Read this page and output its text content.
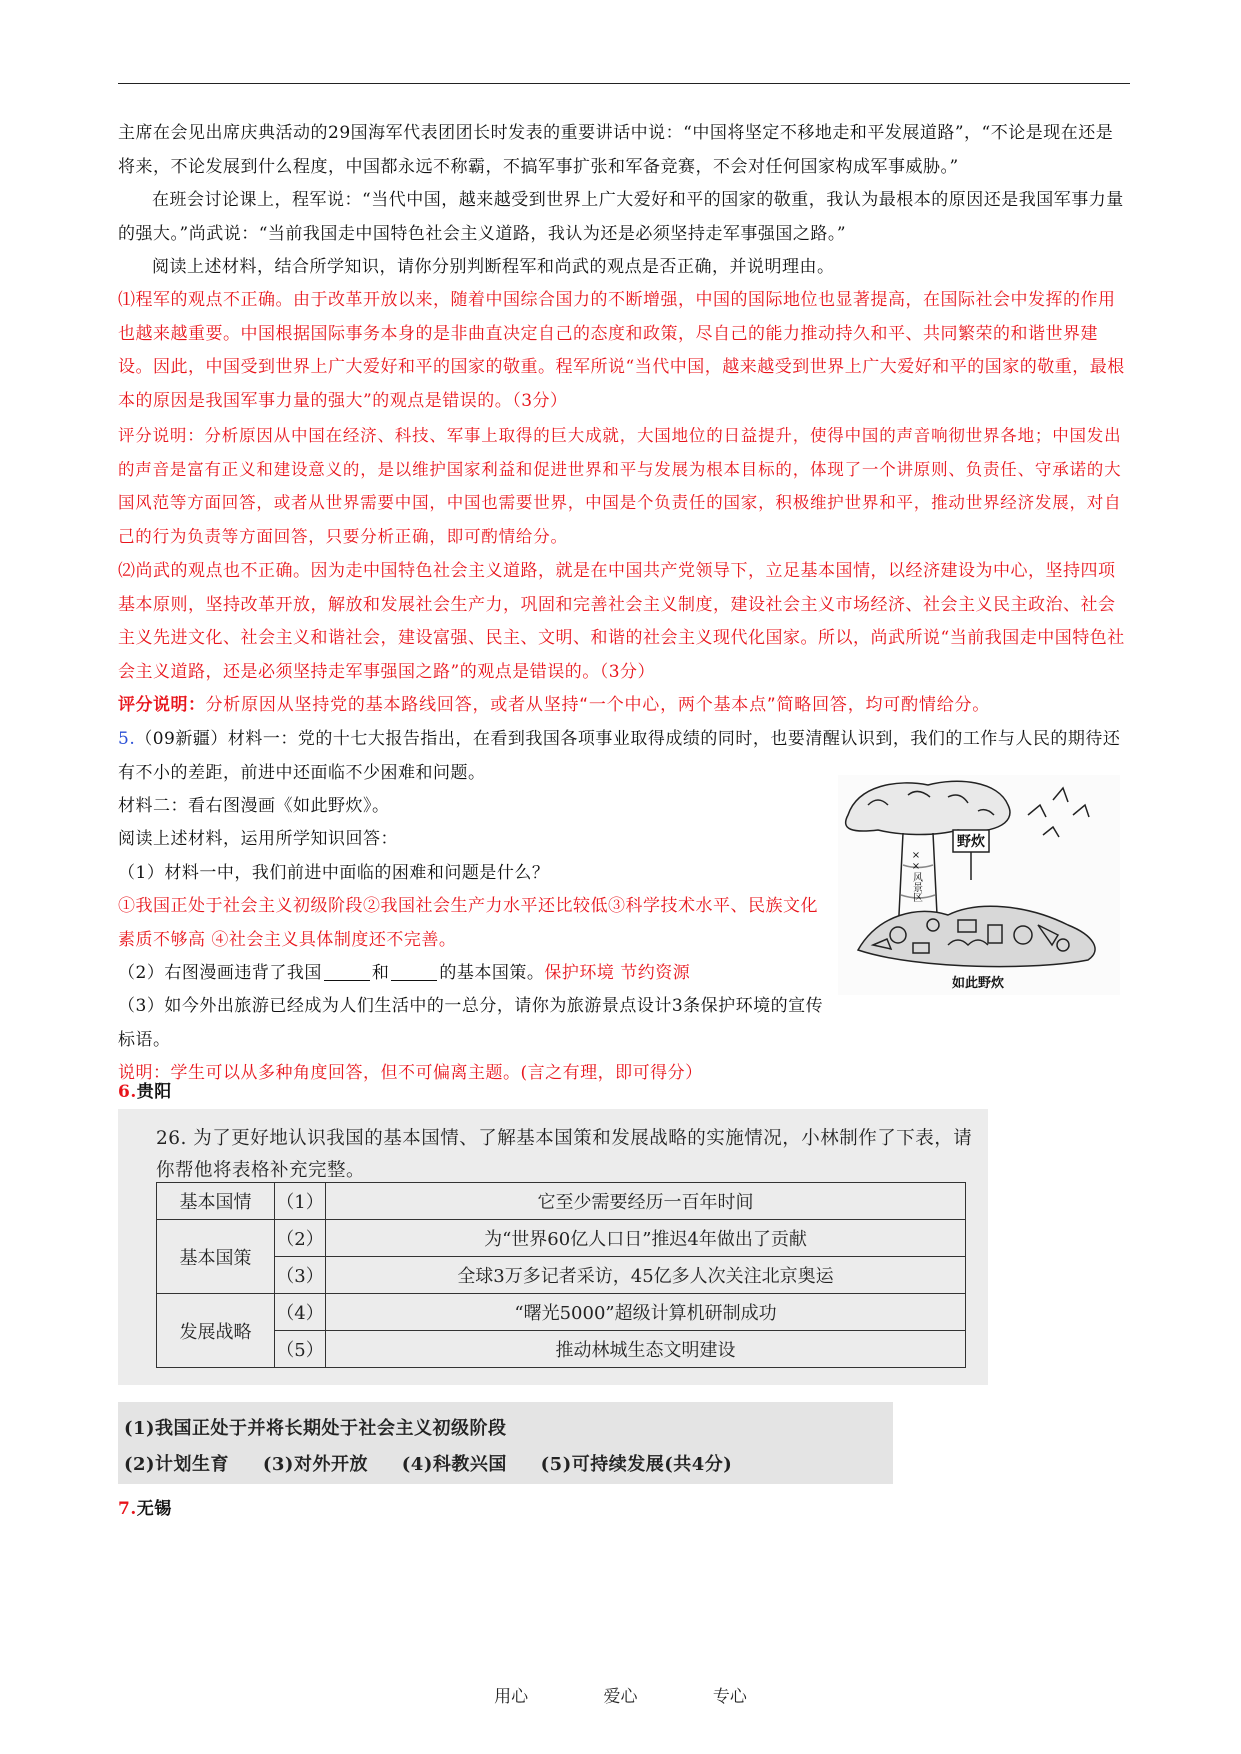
主席在会见出席庆典活动的29国海军代表团团长时发表的重要讲话中说：“中国将坚定不移地走和平发展道路”，“不论是现在还是将来，不论发展到什么程度，中国都永远不称霸，不搞军事扩张和军备竞赛，不会对任何国家构成军事威胁。”

在班会讨论课上，程军说：“当代中国，越来越受到世界上广大爱好和平的国家的敬重，我认为最根本的原因还是我国军事力量的强大。”尚武说：“当前我国走中国特色社会主义道路，我认为还是必须坚持走军事强国之路。”

阅读上述材料，结合所学知识，请你分别判断程军和尚武的观点是否正确，并说明理由。

⑴程军的观点不正确。由于改革开放以来，随着中国综合国力的不断增强，中国的国际地位也显著提高，在国际社会中发挥的作用也越来越重要。中国根据国际事务本身的是非曲直决定自己的态度和政策，尽自己的能力推动持久和平、共同繁荣的和谐世界建设。因此，中国受到世界上广大爱好和平的国家的敬重。程军所说“当代中国，越来越受到世界上广大爱好和平的国家的敬重，最根本的原因是我国军事力量的强大”的观点是错误的。（3分）

评分说明：分析原因从中国在经济、科技、军事上取得的巨大成就，大国地位的日益提升，使得中国的声音响彻世界各地；中国发出的声音是富有正义和建设意义的，是以维护国家利益和促进世界和平与发展为根本目标的，体现了一个讲原则、负责任、守承诺的大国风范等方面回答，或者从世界需要中国，中国也需要世界，中国是个负责任的国家，积极维护世界和平，推动世界经济发展，对自己的行为负责等方面回答，只要分析正确，即可酌情给分。

⑵尚武的观点也不正确。因为走中国特色社会主义道路，就是在中国共产党领导下，立足基本国情，以经济建设为中心，坚持四项基本原则，坚持改革开放，解放和发展社会生产力，巩固和完善社会主义制度，建设社会主义市场经济、社会主义民主政治、社会主义先进文化、社会主义和谐社会，建设富强、民主、文明、和谐的社会主义现代化国家。所以，尚武所说“当前我国走中国特色社会主义道路，还是必须坚持走军事强国之路”的观点是错误的。（3分）

评分说明：分析原因从坚持党的基本路线回答，或者从坚持“一个中心，两个基本点”简略回答，均可酌情给分。

5.（09新疆）材料一：党的十七大报告指出，在看到我国各项事业取得成绩的同时，也要清醒认识到，我们的工作与人民的期待还有不小的差距，前进中还面临不少困难和问题。

材料二：看右图漫画《如此野炊》。

阅读上述材料，运用所学知识回答：

（1）材料一中，我们前进中面临的困难和问题是什么？

①我国正处于社会主义初级阶段②我国社会生产力水平还比较低③科学技术水平、民族文化素质不够高 ④社会主义具体制度还不完善。

（2）右图漫画违背了我国	和	的基本国策。保护环境 节约资源

（3）如今外出旅游已经成为人们生活中的一总分，请你为旅游景点设计3条保护环境的宣传标语。

说明：学生可以从多种角度回答，但不可偏离主题。(言之有理，即可得分）

野炊
××风景区
如此野炊

6.贵阳

26. 为了更好地认识我国的基本国情、了解基本国策和发展战略的实施情况，小林制作了下表，请你帮他将表格补充完整。

基本国情	（1）	它至少需要经历一百年时间
基本国策	（2）	为“世界60亿人口日”推迟4年做出了贡献
	（3）	全球3万多记者采访，45亿多人次关注北京奥运
发展战略	（4）	“曙光5000”超级计算机研制成功
	（5）	推动林城生态文明建设

(1)我国正处于并将长期处于社会主义初级阶段

(2)计划生育     (3)对外开放     (4)科教兴国     (5)可持续发展(共4分)

7.无锡

用心	爱心	专心
